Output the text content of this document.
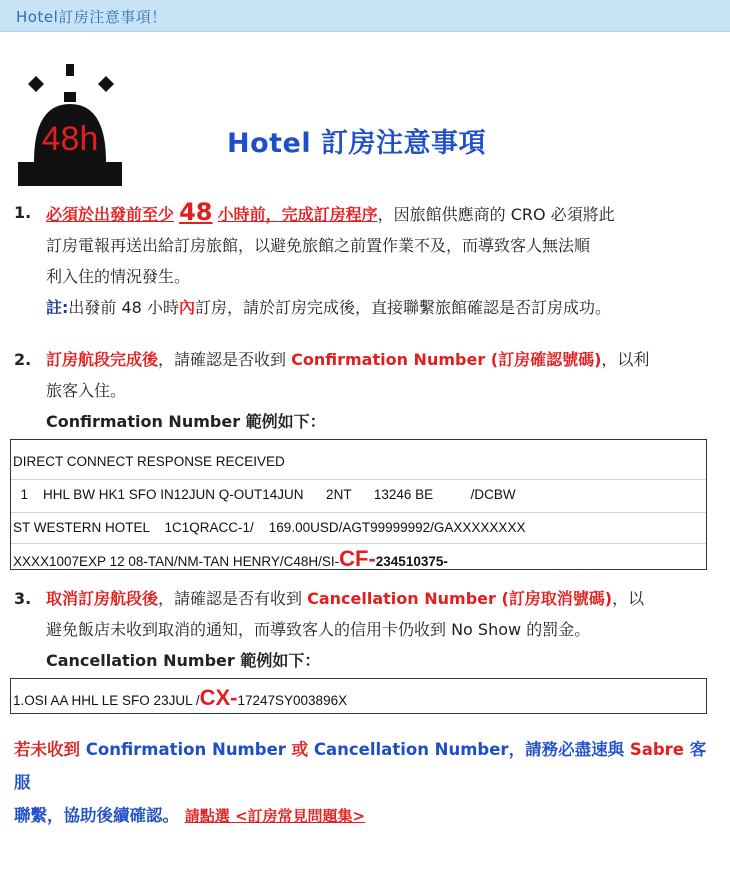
Hotel訂房注意事項！
48h	Hotel 訂房注意事項
1. 必須於出發前至少 48 小時前，完成訂房程序，因旅館供應商的 CRO 必須將此
訂房電報再送出給訂房旅館，以避免旅館之前置作業不及，而導致客人無法順
利入住的情況發生。
註:出發前 48 小時內訂房，請於訂房完成後，直接聯繫旅館確認是否訂房成功。
2. 訂房航段完成後，請確認是否收到 Confirmation Number (訂房確認號碼)，以利
旅客入住。
Confirmation Number 範例如下：
DIRECT CONNECT RESPONSE RECEIVED
1    HHL BW HK1 SFO IN12JUN Q-OUT14JUN      2NT      13246 BE          /DCBW
ST WESTERN HOTEL    1C1QRACC-1/    169.00USD/AGT99999992/GAXXXXXXXX
XXXX1007EXP 12 08-TAN/NM-TAN HENRY/C48H/SI-CF-234510375-
3. 取消訂房航段後，請確認是否有收到 Cancellation Number (訂房取消號碼)，以
避免飯店未收到取消的通知，而導致客人的信用卡仍收到 No Show 的罰金。
Cancellation Number 範例如下：
1.OSI AA HHL LE SFO 23JUL /CX-17247SY003896X
若未收到 Confirmation Number 或 Cancellation Number，請務必盡速與 Sabre 客服
聯繫，協助後續確認。 請點選 <訂房常見問題集>
